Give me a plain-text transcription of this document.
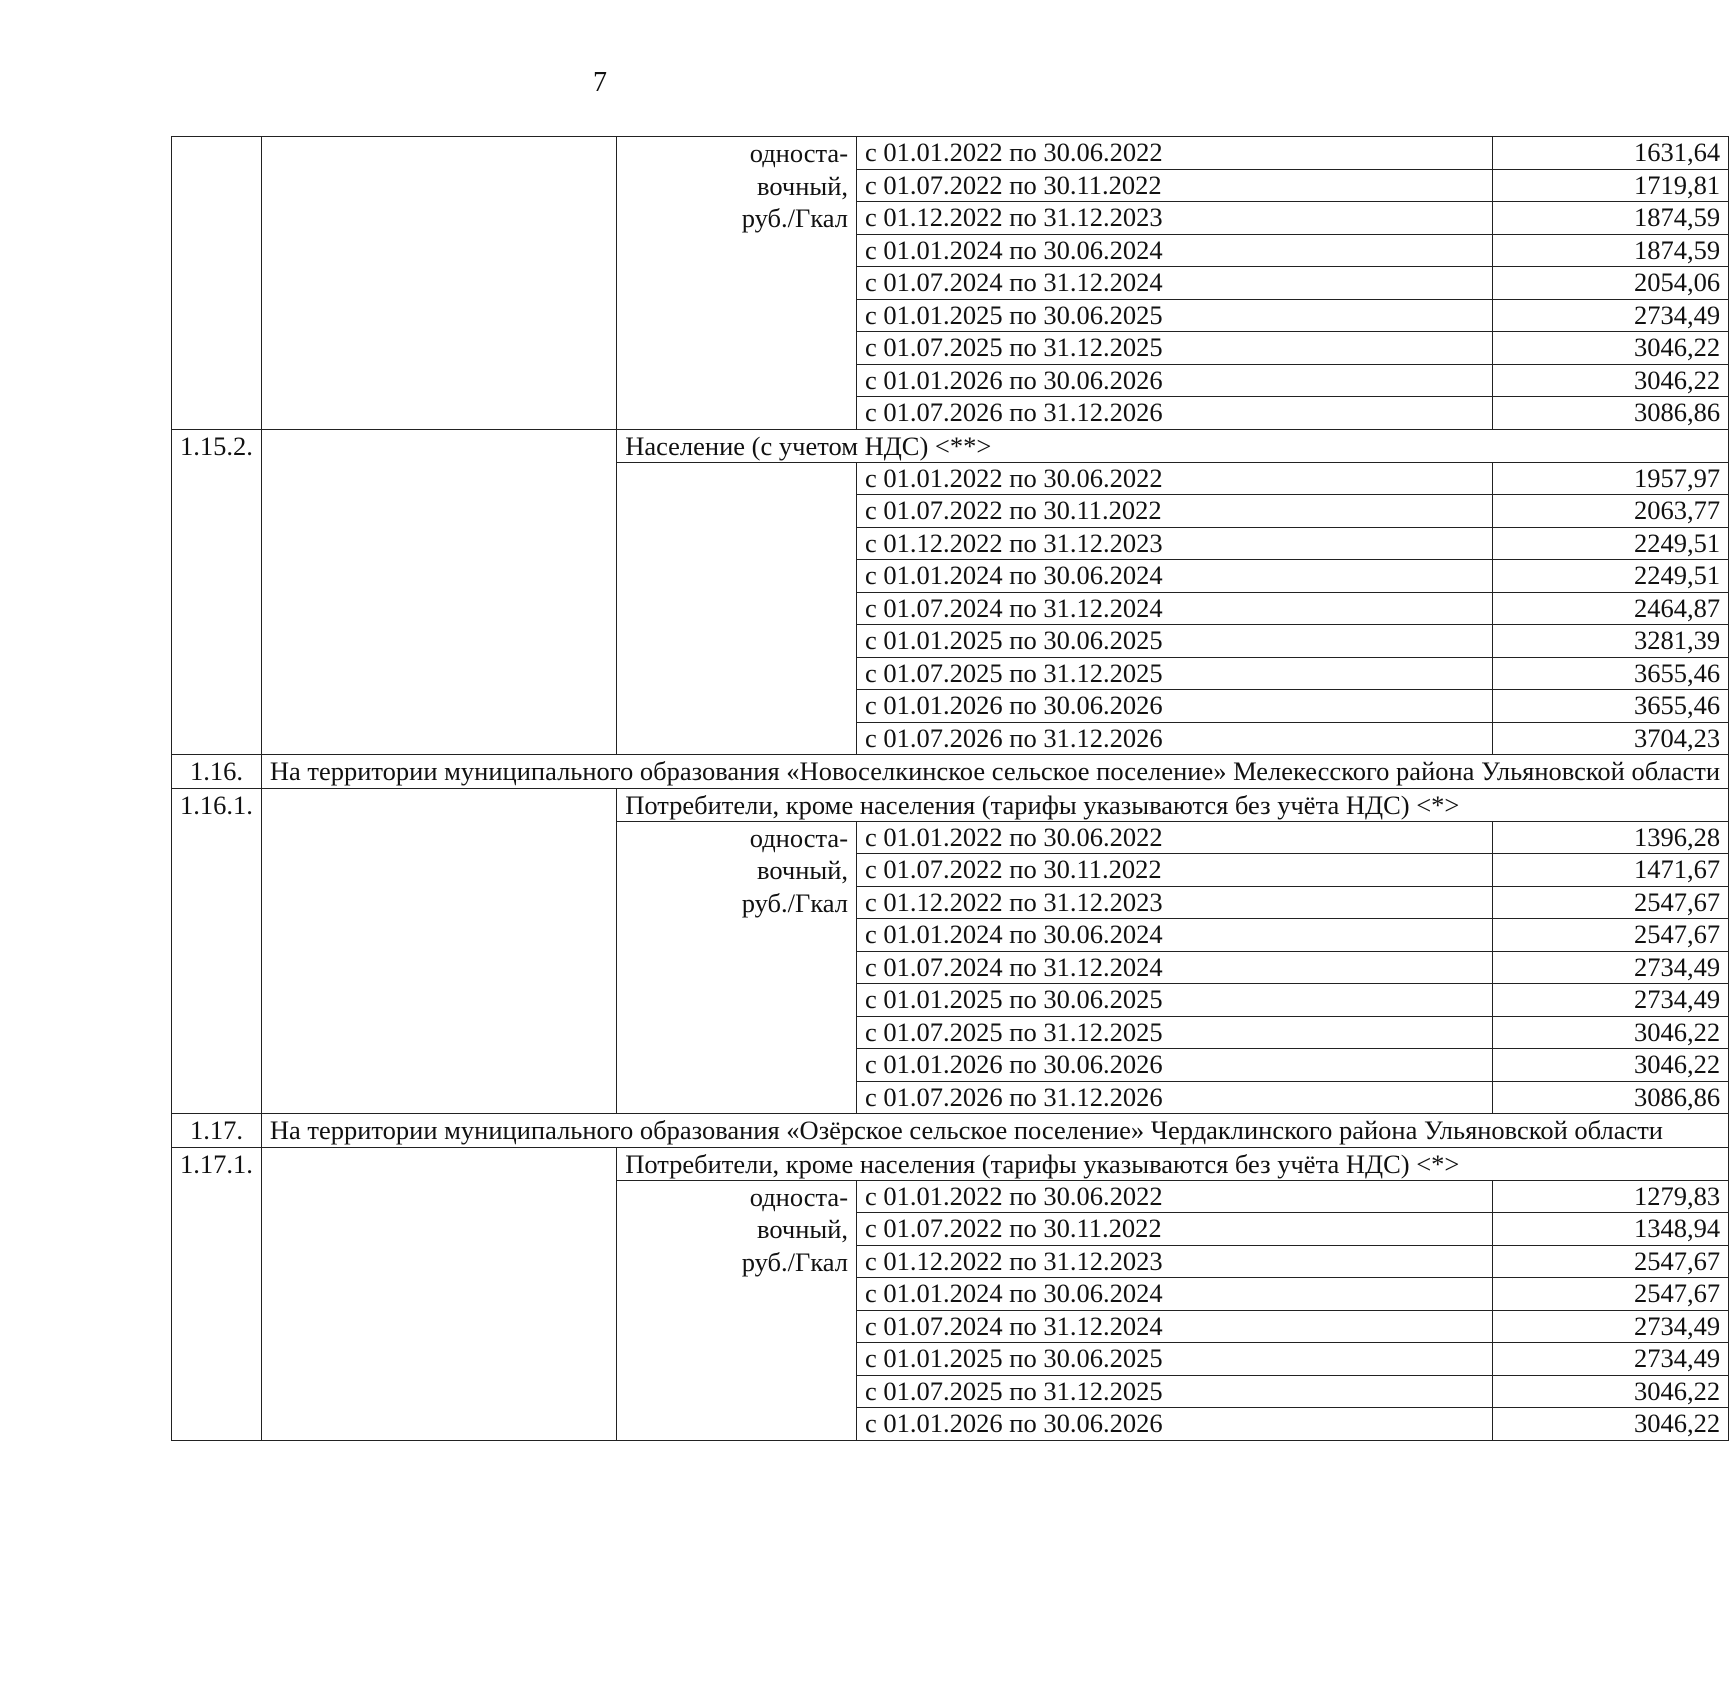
7

		односта-
вочный,
руб./Гкал	с 01.01.2022 по 30.06.2022	1631,64
			с 01.07.2022 по 30.11.2022	1719,81
			с 01.12.2022 по 31.12.2023	1874,59
			с 01.01.2024 по 30.06.2024	1874,59
			с 01.07.2024 по 31.12.2024	2054,06
			с 01.01.2025 по 30.06.2025	2734,49
			с 01.07.2025 по 31.12.2025	3046,22
			с 01.01.2026 по 30.06.2026	3046,22
			с 01.07.2026 по 31.12.2026	3086,86
1.15.2.		Население (с учетом НДС) <**>		
			с 01.01.2022 по 30.06.2022	1957,97
			с 01.07.2022 по 30.11.2022	2063,77
			с 01.12.2022 по 31.12.2023	2249,51
			с 01.01.2024 по 30.06.2024	2249,51
			с 01.07.2024 по 31.12.2024	2464,87
			с 01.01.2025 по 30.06.2025	3281,39
			с 01.07.2025 по 31.12.2025	3655,46
			с 01.01.2026 по 30.06.2026	3655,46
			с 01.07.2026 по 31.12.2026	3704,23
1.16.	На территории муниципального образования «Новоселкинское сельское поселение» Мелекесского района Ульяновской области			
1.16.1.		Потребители, кроме населения (тарифы указываются без учёта НДС) <*>		

		односта-
вочный,
руб./Гкал	с 01.01.2022 по 30.06.2022	1396,28
			с 01.07.2022 по 30.11.2022	1471,67
			с 01.12.2022 по 31.12.2023	2547,67
			с 01.01.2024 по 30.06.2024	2547,67
			с 01.07.2024 по 31.12.2024	2734,49
			с 01.01.2025 по 30.06.2025	2734,49
			с 01.07.2025 по 31.12.2025	3046,22
			с 01.01.2026 по 30.06.2026	3046,22
			с 01.07.2026 по 31.12.2026	3086,86
1.17.	На территории муниципального образования «Озёрское сельское поселение» Чердаклинского района Ульяновской области			
1.17.1.		Потребители, кроме населения (тарифы указываются без учёта НДС) <*>		

		односта-
вочный,
руб./Гкал	с 01.01.2022 по 30.06.2022	1279,83
			с 01.07.2022 по 30.11.2022	1348,94
			с 01.12.2022 по 31.12.2023	2547,67
			с 01.01.2024 по 30.06.2024	2547,67
			с 01.07.2024 по 31.12.2024	2734,49
			с 01.01.2025 по 30.06.2025	2734,49
			с 01.07.2025 по 31.12.2025	3046,22
			с 01.01.2026 по 30.06.2026	3046,22
